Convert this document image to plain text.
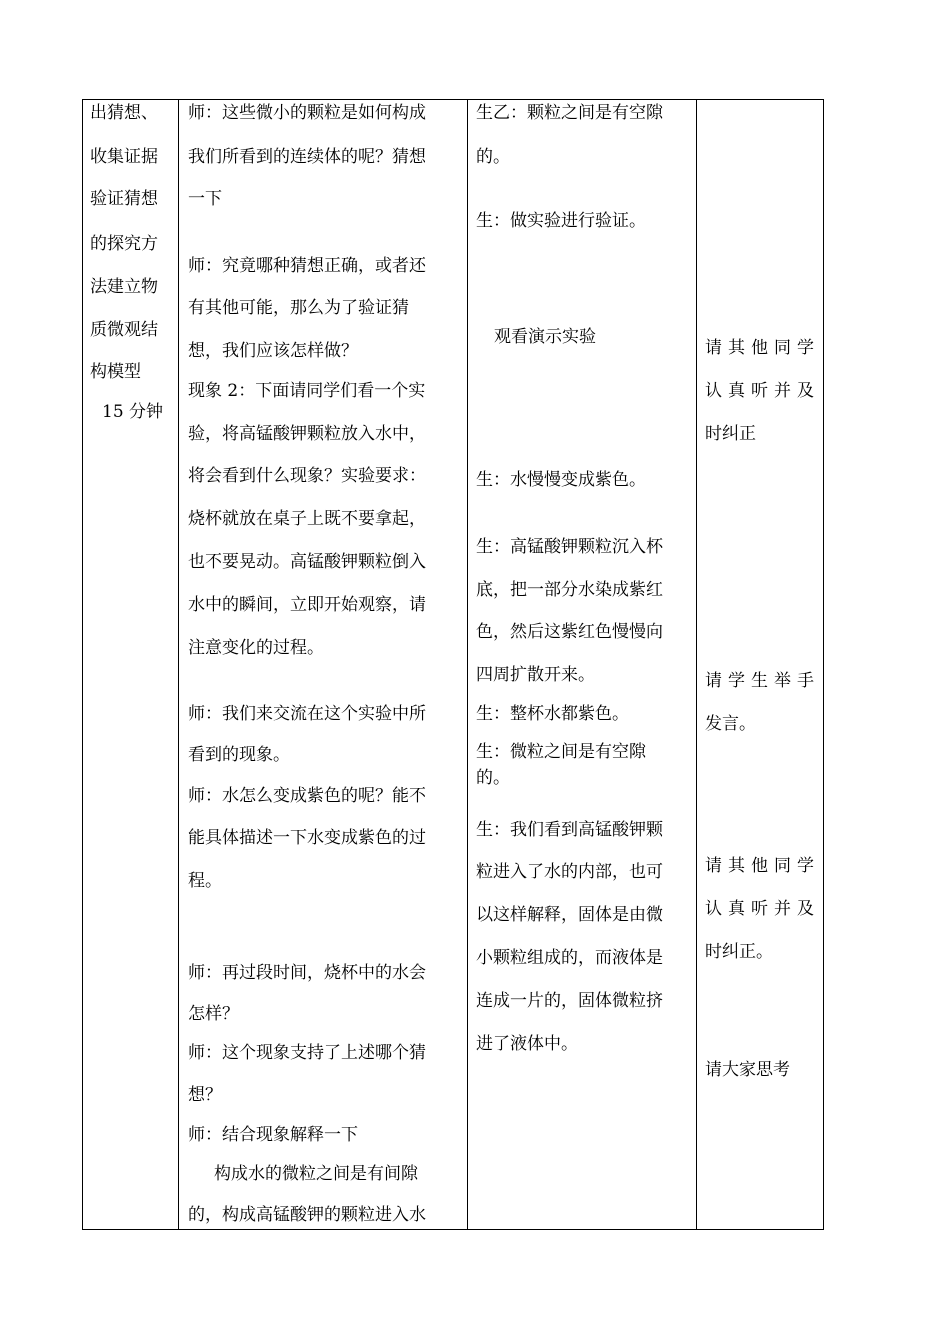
出猜想、
收集证据
验证猜想
的探究方
法建立物
质微观结
构模型
15 分钟
师：这些微小的颗粒是如何构成
我们所看到的连续体的呢？猜想
一下
师：究竟哪种猜想正确，或者还
有其他可能，那么为了验证猜
想，我们应该怎样做？
现象 2：下面请同学们看一个实
验，将高锰酸钾颗粒放入水中，
将会看到什么现象？实验要求：
烧杯就放在桌子上既不要拿起，
也不要晃动。高锰酸钾颗粒倒入
水中的瞬间，立即开始观察，请
注意变化的过程。
师：我们来交流在这个实验中所
看到的现象。
师：水怎么变成紫色的呢？能不
能具体描述一下水变成紫色的过
程。
师：再过段时间，烧杯中的水会
怎样？
师：这个现象支持了上述哪个猜
想？
师：结合现象解释一下
构成水的微粒之间是有间隙
的，构成高锰酸钾的颗粒进入水
生乙：颗粒之间是有空隙
的。
生：做实验进行验证。
观看演示实验
生：水慢慢变成紫色。
生：高锰酸钾颗粒沉入杯
底，把一部分水染成紫红
色，然后这紫红色慢慢向
四周扩散开来。
生：整杯水都紫色。
生：微粒之间是有空隙
的。
生：我们看到高锰酸钾颗
粒进入了水的内部，也可
以这样解释，固体是由微
小颗粒组成的，而液体是
连成一片的，固体微粒挤
进了液体中。
请其他同学
认真听并及
时纠正
请学生举手
发言。
请其他同学
认真听并及
时纠正。
请大家思考
